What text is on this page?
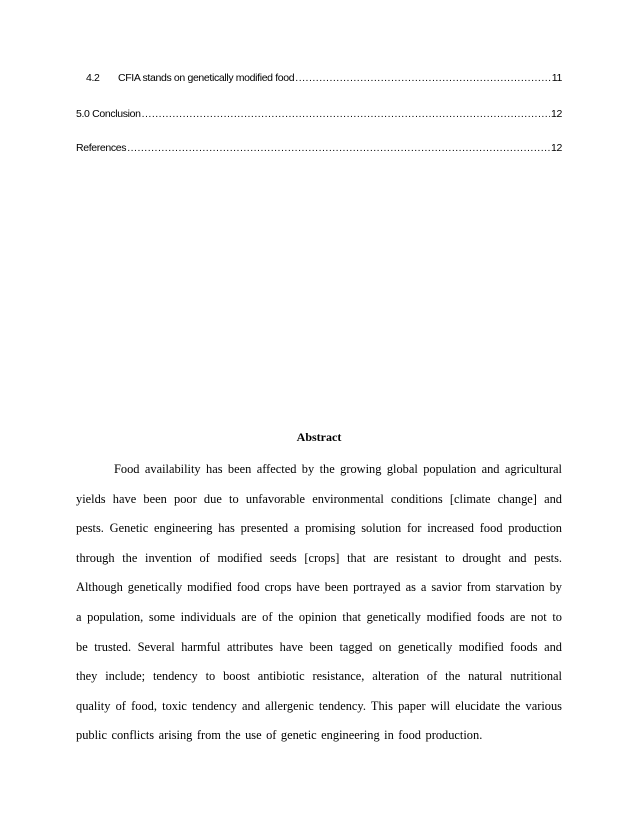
4.2	CFIA stands on genetically modified food .....	11
5.0 Conclusion .....	12
References .....	12
Abstract

Food availability has been affected by the growing global population and agricultural yields have been poor due to unfavorable environmental conditions [climate change] and pests. Genetic engineering has presented a promising solution for increased food production through the invention of modified seeds [crops] that are resistant to drought and pests. Although genetically modified food crops have been portrayed as a savior from starvation by a population, some individuals are of the opinion that genetically modified foods are not to be trusted. Several harmful attributes have been tagged on genetically modified foods and they include; tendency to boost antibiotic resistance, alteration of the natural nutritional quality of food, toxic tendency and allergenic tendency. This paper will elucidate the various public conflicts arising from the use of genetic engineering in food production.
